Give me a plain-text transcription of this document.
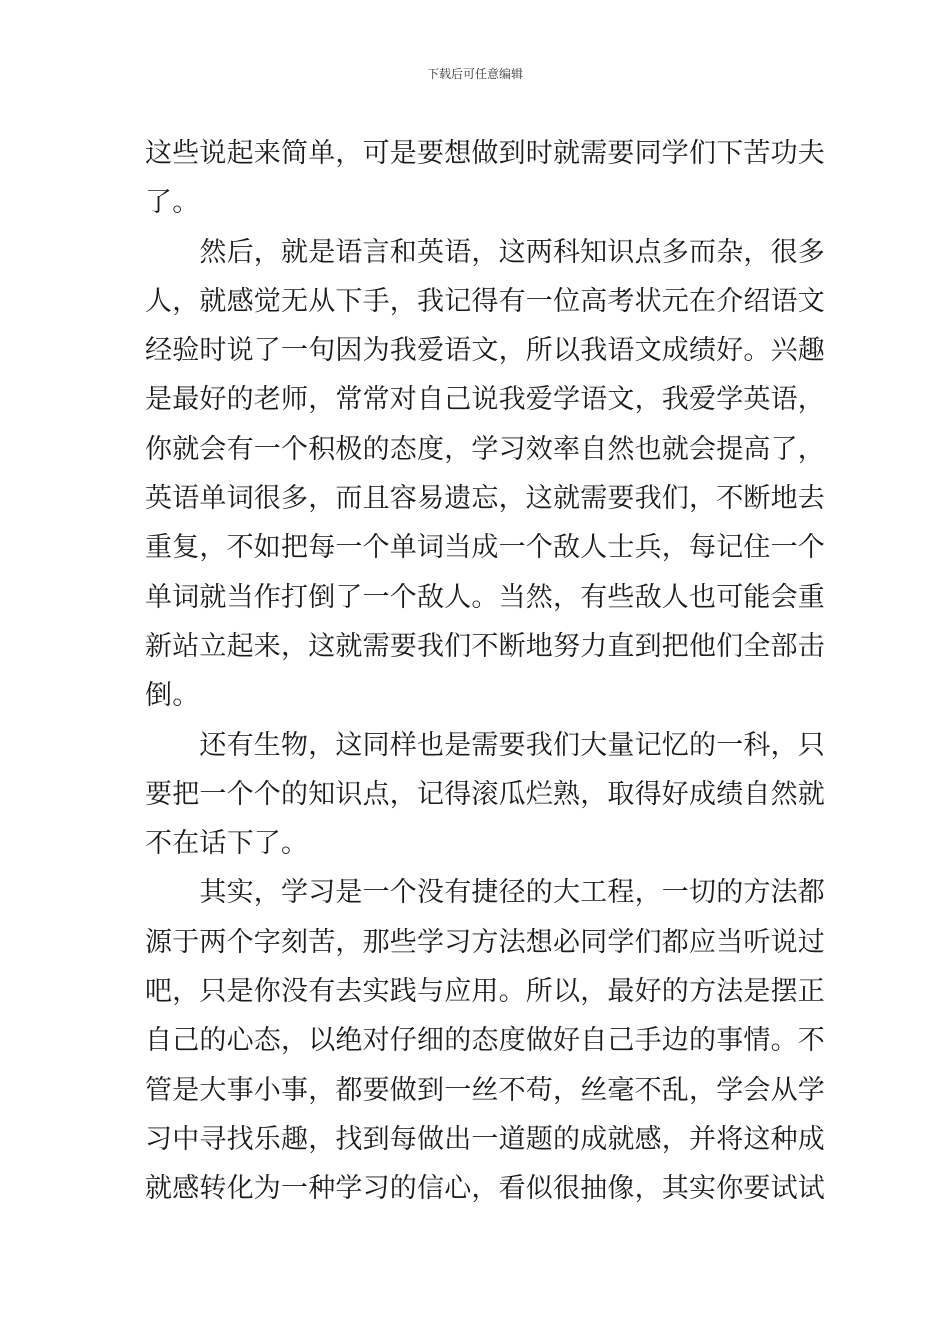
下载后可任意编辑
这些说起来简单，可是要想做到时就需要同学们下苦功夫
了。
　　然后，就是语言和英语，这两科知识点多而杂，很多
人，就感觉无从下手，我记得有一位高考状元在介绍语文
经验时说了一句因为我爱语文，所以我语文成绩好。兴趣
是最好的老师，常常对自己说我爱学语文，我爱学英语，
你就会有一个积极的态度，学习效率自然也就会提高了，
英语单词很多，而且容易遗忘，这就需要我们，不断地去
重复，不如把每一个单词当成一个敌人士兵，每记住一个
单词就当作打倒了一个敌人。当然，有些敌人也可能会重
新站立起来，这就需要我们不断地努力直到把他们全部击
倒。
　　还有生物，这同样也是需要我们大量记忆的一科，只
要把一个个的知识点，记得滚瓜烂熟，取得好成绩自然就
不在话下了。
　　其实，学习是一个没有捷径的大工程，一切的方法都
源于两个字刻苦，那些学习方法想必同学们都应当听说过
吧，只是你没有去实践与应用。所以，最好的方法是摆正
自己的心态，以绝对仔细的态度做好自己手边的事情。不
管是大事小事，都要做到一丝不苟，丝毫不乱，学会从学
习中寻找乐趣，找到每做出一道题的成就感，并将这种成
就感转化为一种学习的信心，看似很抽像，其实你要试试
